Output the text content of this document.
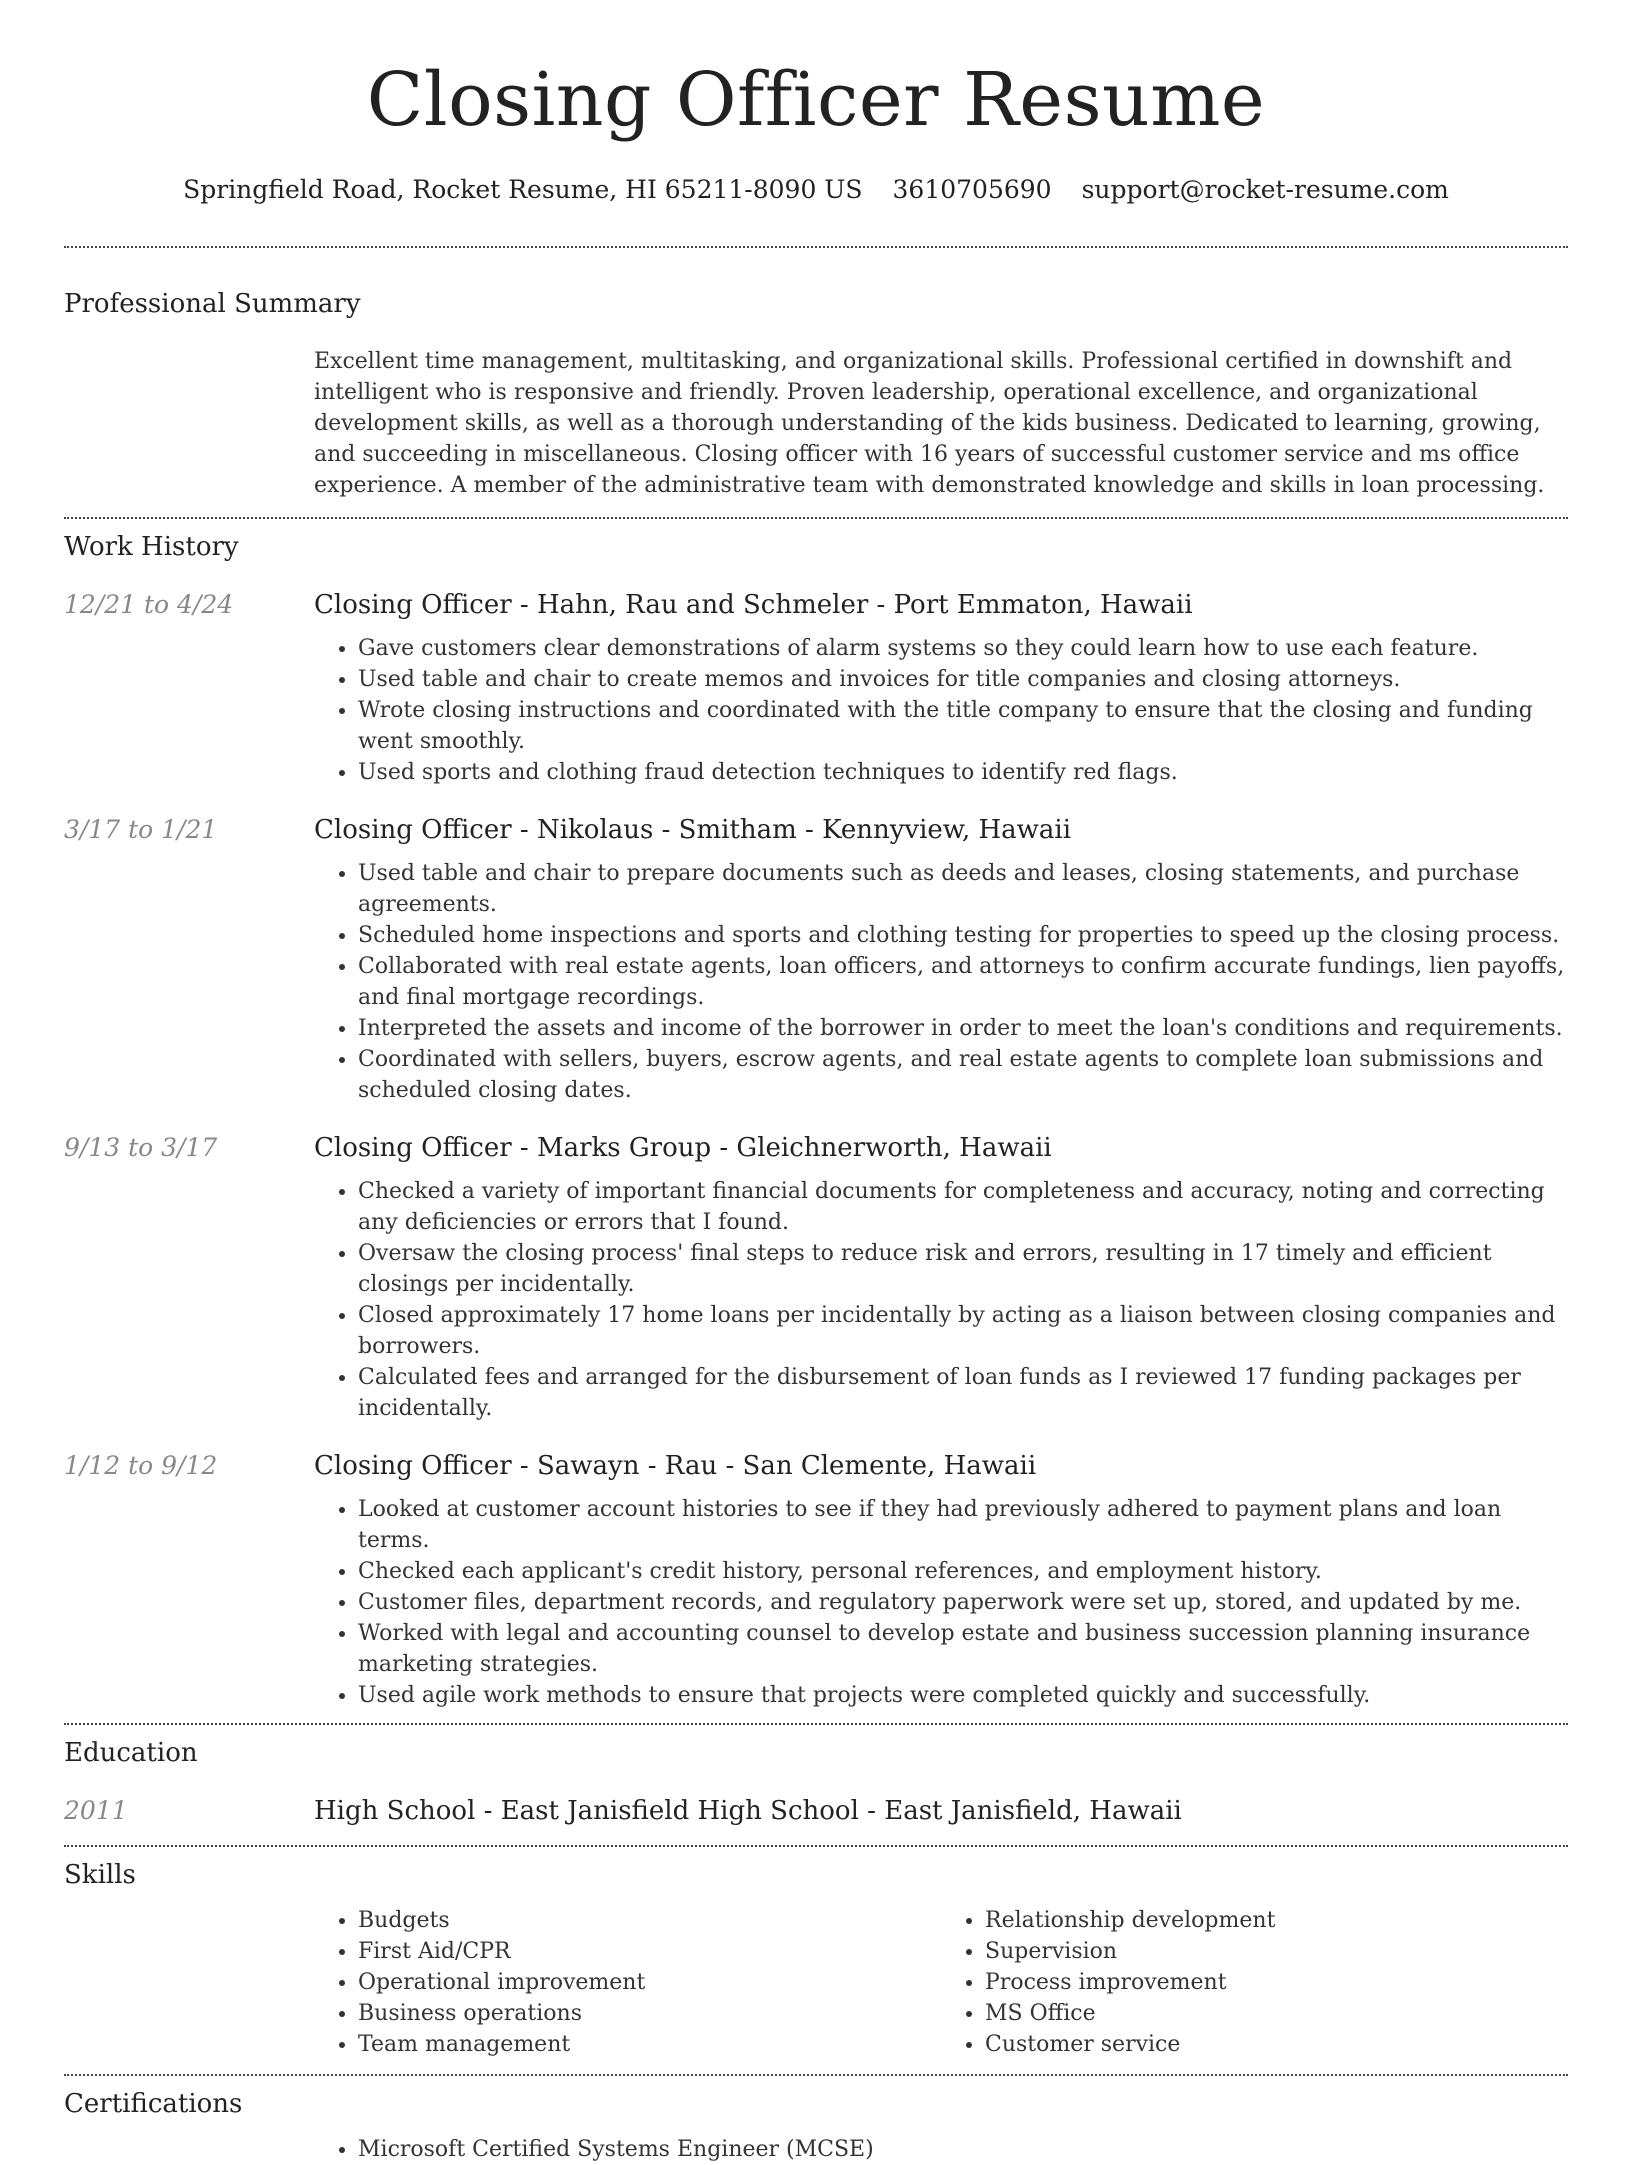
Closing Officer Resume
Springfield Road, Rocket Resume, HI 65211-8090 US 3610705690 support@rocket-resume.com
Professional Summary

Excellent time management, multitasking, and organizational skills. Professional certified in downshift and intelligent who is responsive and friendly. Proven leadership, operational excellence, and organizational development skills, as well as a thorough understanding of the kids business. Dedicated to learning, growing, and succeeding in miscellaneous. Closing officer with 16 years of successful customer service and ms office experience. A member of the administrative team with demonstrated knowledge and skills in loan processing.

Work History
12/21 to 4/24	Closing Officer - Hahn, Rau and Schmeler - Port Emmaton, Hawaii
• Gave customers clear demonstrations of alarm systems so they could learn how to use each feature.
• Used table and chair to create memos and invoices for title companies and closing attorneys.
• Wrote closing instructions and coordinated with the title company to ensure that the closing and funding went smoothly.
• Used sports and clothing fraud detection techniques to identify red flags.
3/17 to 1/21	Closing Officer - Nikolaus - Smitham - Kennyview, Hawaii
• Used table and chair to prepare documents such as deeds and leases, closing statements, and purchase agreements.
• Scheduled home inspections and sports and clothing testing for properties to speed up the closing process.
• Collaborated with real estate agents, loan officers, and attorneys to confirm accurate fundings, lien payoffs, and final mortgage recordings.
• Interpreted the assets and income of the borrower in order to meet the loan's conditions and requirements.
• Coordinated with sellers, buyers, escrow agents, and real estate agents to complete loan submissions and scheduled closing dates.
9/13 to 3/17	Closing Officer - Marks Group - Gleichnerworth, Hawaii
• Checked a variety of important financial documents for completeness and accuracy, noting and correcting any deficiencies or errors that I found.
• Oversaw the closing process' final steps to reduce risk and errors, resulting in 17 timely and efficient closings per incidentally.
• Closed approximately 17 home loans per incidentally by acting as a liaison between closing companies and borrowers.
• Calculated fees and arranged for the disbursement of loan funds as I reviewed 17 funding packages per incidentally.
1/12 to 9/12	Closing Officer - Sawayn - Rau - San Clemente, Hawaii
• Looked at customer account histories to see if they had previously adhered to payment plans and loan terms.
• Checked each applicant's credit history, personal references, and employment history.
• Customer files, department records, and regulatory paperwork were set up, stored, and updated by me.
• Worked with legal and accounting counsel to develop estate and business succession planning insurance marketing strategies.
• Used agile work methods to ensure that projects were completed quickly and successfully.
Education
2011	High School - East Janisfield High School - East Janisfield, Hawaii
Skills
• Budgets
• First Aid/CPR
• Operational improvement
• Business operations
• Team management
• Relationship development
• Supervision
• Process improvement
• MS Office
• Customer service
Certifications
• Microsoft Certified Systems Engineer (MCSE)
